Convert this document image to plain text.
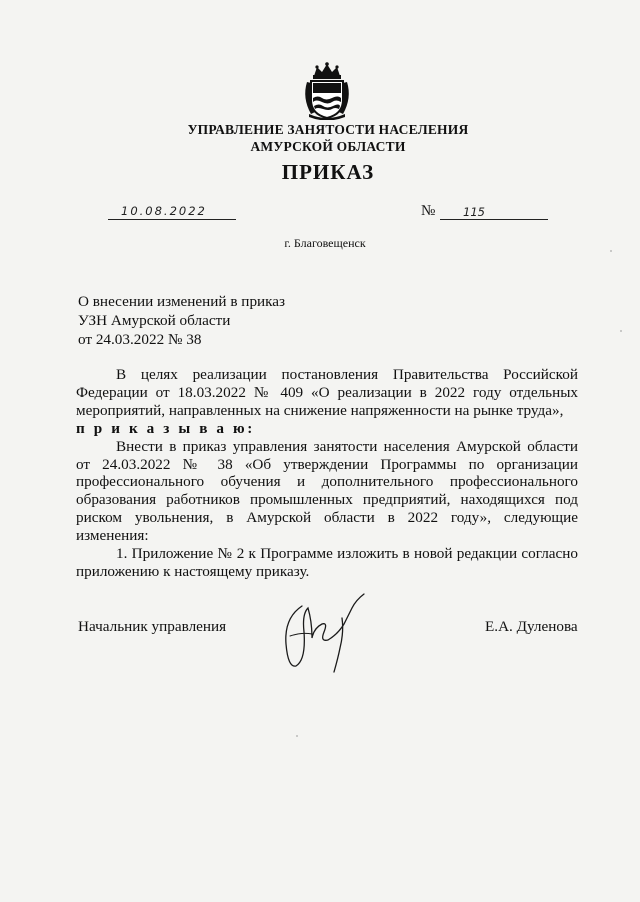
УПРАВЛЕНИЕ ЗАНЯТОСТИ НАСЕЛЕНИЯ
АМУРСКОЙ ОБЛАСТИ
ПРИКАЗ
10.08.2022	№ 115
г. Благовещенск
О внесении изменений в приказ
УЗН Амурской области
от 24.03.2022 № 38

В целях реализации постановления Правительства Российской Федерации от 18.03.2022 № 409 «О реализации в 2022 году отдельных мероприятий, направленных на снижение напряженности на рынке труда»,

п р и к а з ы в а ю:

Внести в приказ управления занятости населения Амурской области от 24.03.2022 № 38 «Об утверждении Программы по организации профессионального обучения и дополнительного профессионального образования работников промышленных предприятий, находящихся под риском увольнения, в Амурской области в 2022 году», следующие изменения:

1. Приложение № 2 к Программе изложить в новой редакции согласно приложению к настоящему приказу.

Начальник управления	Е.А. Дуленова
